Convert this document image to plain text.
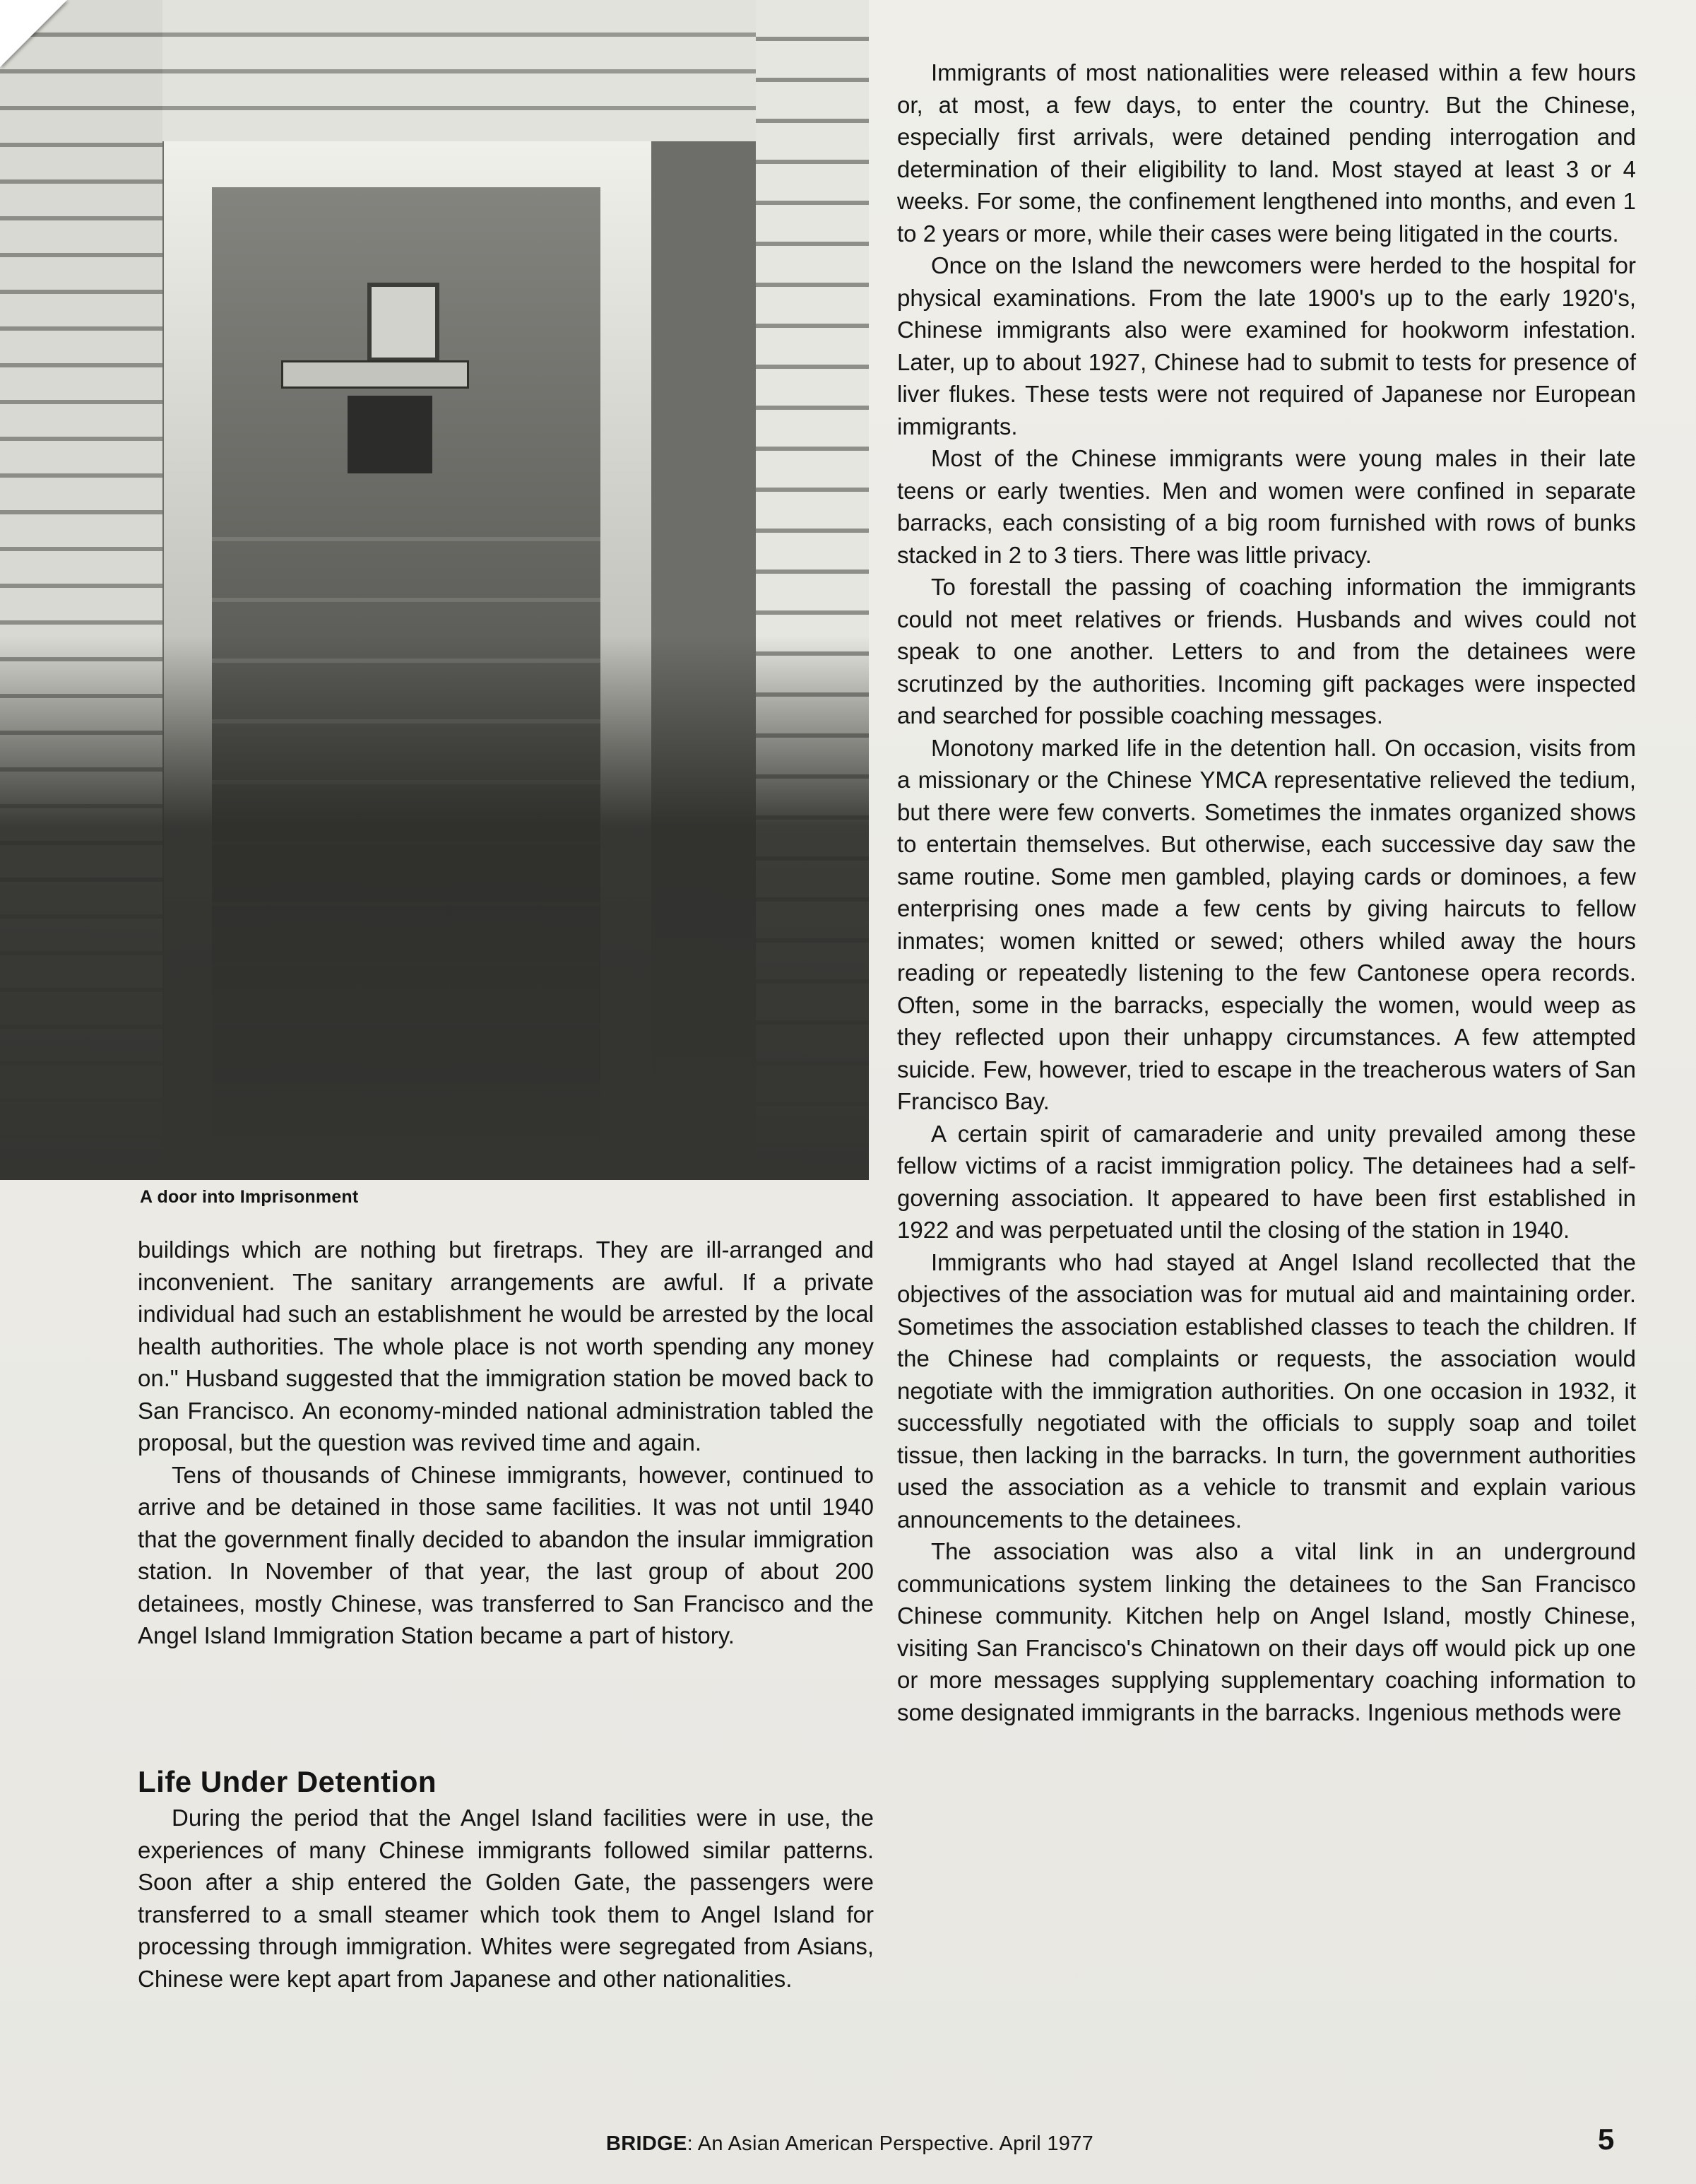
A door into Imprisonment

buildings which are nothing but firetraps. They are ill-arranged and inconvenient. The sanitary arrangements are awful. If a private individual had such an establishment he would be arrested by the local health authorities. The whole place is not worth spending any money on." Husband suggested that the immigration station be moved back to San Francisco. An economy-minded national administration tabled the proposal, but the question was revived time and again.

Tens of thousands of Chinese immigrants, however, continued to arrive and be detained in those same facilities. It was not until 1940 that the government finally decided to abandon the insular immigration station. In November of that year, the last group of about 200 detainees, mostly Chinese, was transferred to San Francisco and the Angel Island Immigration Station became a part of history.

Life Under Detention

During the period that the Angel Island facilities were in use, the experiences of many Chinese immigrants followed similar patterns. Soon after a ship entered the Golden Gate, the passengers were transferred to a small steamer which took them to Angel Island for processing through immigration. Whites were segregated from Asians, Chinese were kept apart from Japanese and other nationalities.

Immigrants of most nationalities were released within a few hours or, at most, a few days, to enter the country. But the Chinese, especially first arrivals, were detained pending interrogation and determination of their eligibility to land. Most stayed at least 3 or 4 weeks. For some, the confinement lengthened into months, and even 1 to 2 years or more, while their cases were being litigated in the courts.

Once on the Island the newcomers were herded to the hospital for physical examinations. From the late 1900's up to the early 1920's, Chinese immigrants also were examined for hookworm infestation. Later, up to about 1927, Chinese had to submit to tests for presence of liver flukes. These tests were not required of Japanese nor European immigrants.

Most of the Chinese immigrants were young males in their late teens or early twenties. Men and women were confined in separate barracks, each consisting of a big room furnished with rows of bunks stacked in 2 to 3 tiers. There was little privacy.

To forestall the passing of coaching information the immigrants could not meet relatives or friends. Husbands and wives could not speak to one another. Letters to and from the detainees were scrutinzed by the authorities. Incoming gift packages were inspected and searched for possible coaching messages.

Monotony marked life in the detention hall. On occasion, visits from a missionary or the Chinese YMCA representative relieved the tedium, but there were few converts. Sometimes the inmates organized shows to entertain themselves. But otherwise, each successive day saw the same routine. Some men gambled, playing cards or dominoes, a few enterprising ones made a few cents by giving haircuts to fellow inmates; women knitted or sewed; others whiled away the hours reading or repeatedly listening to the few Cantonese opera records. Often, some in the barracks, especially the women, would weep as they reflected upon their unhappy circumstances. A few attempted suicide. Few, however, tried to escape in the treacherous waters of San Francisco Bay.

A certain spirit of camaraderie and unity prevailed among these fellow victims of a racist immigration policy. The detainees had a self-governing association. It appeared to have been first established in 1922 and was perpetuated until the closing of the station in 1940.

Immigrants who had stayed at Angel Island recollected that the objectives of the association was for mutual aid and maintaining order. Sometimes the association established classes to teach the children. If the Chinese had complaints or requests, the association would negotiate with the immigration authorities. On one occasion in 1932, it successfully negotiated with the officials to supply soap and toilet tissue, then lacking in the barracks. In turn, the government authorities used the association as a vehicle to transmit and explain various announcements to the detainees.

The association was also a vital link in an underground communications system linking the detainees to the San Francisco Chinese community. Kitchen help on Angel Island, mostly Chinese, visiting San Francisco's Chinatown on their days off would pick up one or more messages supplying supplementary coaching information to some designated immigrants in the barracks. Ingenious methods were

BRIDGE: An Asian American Perspective. April 1977	5
